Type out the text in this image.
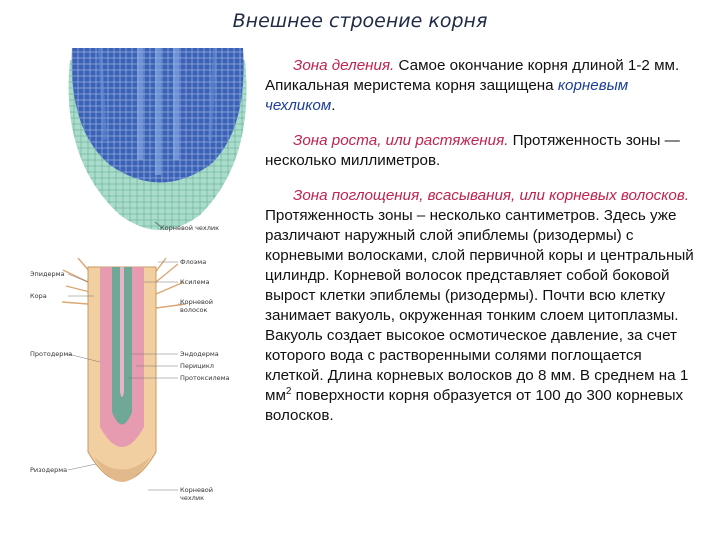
Внешнее строение корня
Корневой чехлик
Эпидерма
Кора
Протодерма
Ризодерма
Флоэма
Ксилема
Корневой волосок
Эндодерма
Перицикл
Протоксилема
Корневой чехлик

Зона деления. Самое окончание корня длиной 1-2 мм. Апикальная меристема корня защищена корневым чехликом.

Зона роста, или растяжения. Протяженность зоны — несколько миллиметров.

Зона поглощения, всасывания, или корневых волосков. Протяженность зоны – несколько сантиметров. Здесь уже различают наружный слой эпиблемы (ризодермы) с корневыми волосками, слой первичной коры и центральный цилиндр. Корневой волосок представляет собой боковой вырост клетки эпиблемы (ризодермы). Почти всю клетку занимает вакуоль, окруженная тонким слоем цитоплазмы. Вакуоль создает высокое осмотическое давление, за счет которого вода с растворенными солями поглощается клеткой. Длина корневых волосков до 8 мм. В среднем на 1 $мм^2$ поверхности корня образуется от 100 до 300 корневых волосков.
